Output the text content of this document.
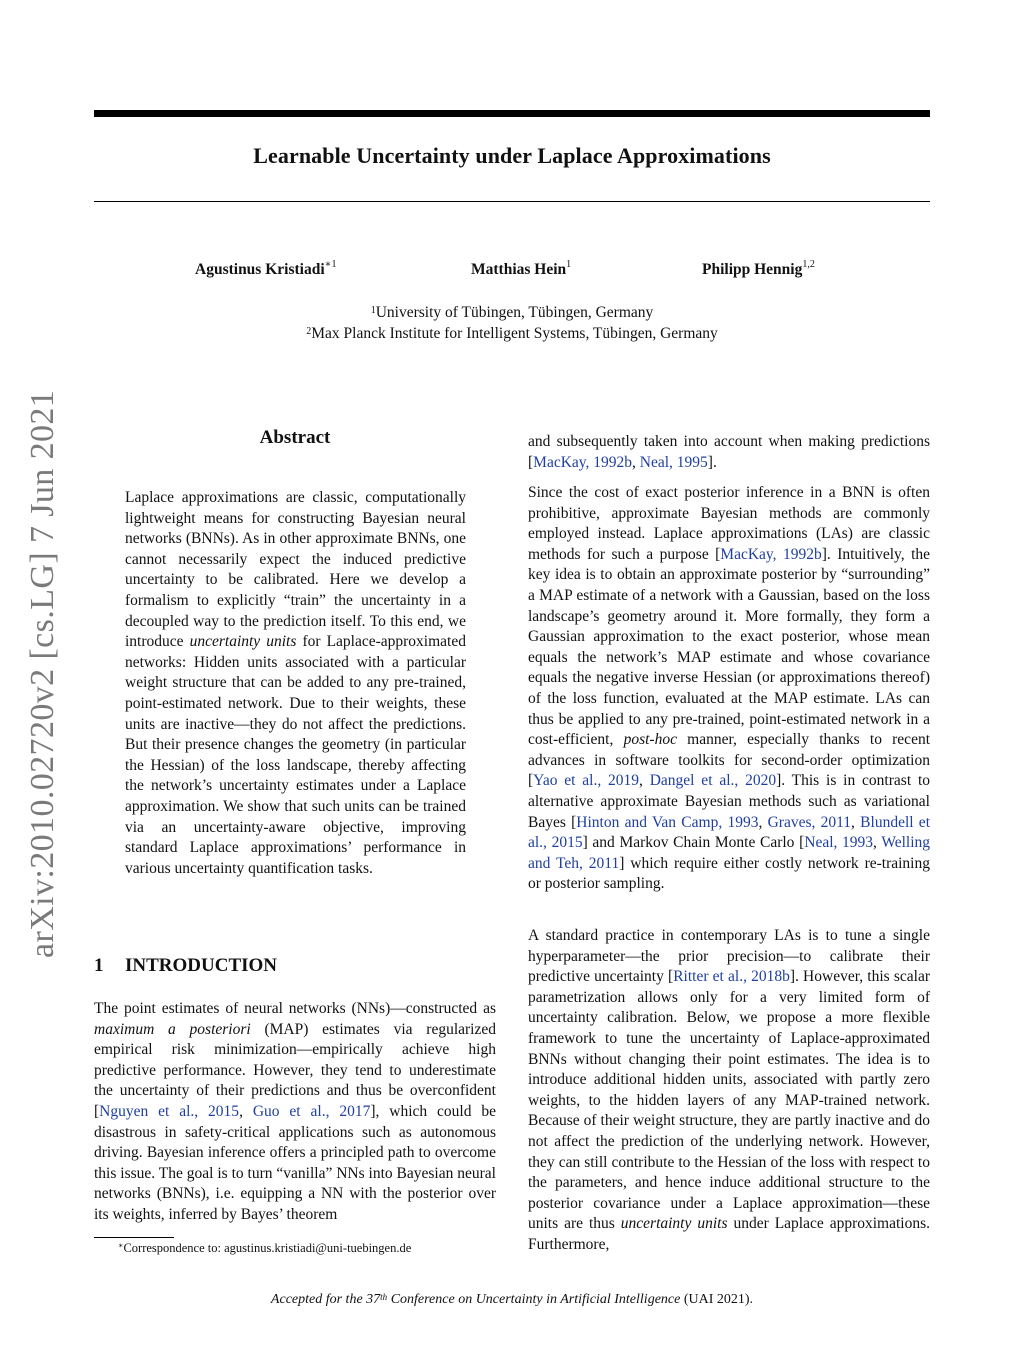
Learnable Uncertainty under Laplace Approximations
Agustinus Kristiadi$^{∗1}$	Matthias Hein$^1$	Philipp Hennig$^{1,2}$
$^1$University of Tübingen, Tübingen, Germany
$^2$Max Planck Institute for Intelligent Systems, Tübingen, Germany
arXiv:2010.02720v2 [cs.LG] 7 Jun 2021	Abstract
Laplace approximations are classic, computationally lightweight means for constructing Bayesian neural networks (BNNs). As in other approximate BNNs, one cannot necessarily expect the induced predictive uncertainty to be calibrated. Here we develop a formalism to explicitly “train” the uncertainty in a decoupled way to the prediction itself. To this end, we introduce uncertainty units for Laplace-approximated networks: Hidden units associated with a particular weight structure that can be added to any pre-trained, point-estimated network. Due to their weights, these units are inactive—they do not affect the predictions. But their presence changes the geometry (in particular the Hessian) of the loss landscape, thereby affecting the network’s uncertainty estimates under a Laplace approximation. We show that such units can be trained via an uncertainty-aware objective, improving standard Laplace approximations’ performance in various uncertainty quantification tasks.
1 INTRODUCTION
The point estimates of neural networks (NNs)—constructed as maximum a posteriori (MAP) estimates via regularized empirical risk minimization—empirically achieve high predictive performance. However, they tend to underestimate the uncertainty of their predictions and thus be overconfident [Nguyen et al., 2015, Guo et al., 2017], which could be disastrous in safety-critical applications such as autonomous driving. Bayesian inference offers a principled path to overcome this issue. The goal is to turn “vanilla” NNs into Bayesian neural networks (BNNs), i.e. equipping a NN with the posterior over its weights, inferred by Bayes’ theorem
∗Correspondence to: agustinus.kristiadi@uni-tuebingen.de
and subsequently taken into account when making predictions [MacKay, 1992b, Neal, 1995].
Since the cost of exact posterior inference in a BNN is often prohibitive, approximate Bayesian methods are commonly employed instead. Laplace approximations (LAs) are classic methods for such a purpose [MacKay, 1992b]. Intuitively, the key idea is to obtain an approximate posterior by “surrounding” a MAP estimate of a network with a Gaussian, based on the loss landscape’s geometry around it. More formally, they form a Gaussian approximation to the exact posterior, whose mean equals the network’s MAP estimate and whose covariance equals the negative inverse Hessian (or approximations thereof) of the loss function, evaluated at the MAP estimate. LAs can thus be applied to any pre-trained, point-estimated network in a cost-efficient, post-hoc manner, especially thanks to recent advances in software toolkits for second-order optimization [Yao et al., 2019, Dangel et al., 2020]. This is in contrast to alternative approximate Bayesian methods such as variational Bayes [Hinton and Van Camp, 1993, Graves, 2011, Blundell et al., 2015] and Markov Chain Monte Carlo [Neal, 1993, Welling and Teh, 2011] which require either costly network re-training or posterior sampling.
A standard practice in contemporary LAs is to tune a single hyperparameter—the prior precision—to calibrate their predictive uncertainty [Ritter et al., 2018b]. However, this scalar parametrization allows only for a very limited form of uncertainty calibration. Below, we propose a more flexible framework to tune the uncertainty of Laplace-approximated BNNs without changing their point estimates. The idea is to introduce additional hidden units, associated with partly zero weights, to the hidden layers of any MAP-trained network. Because of their weight structure, they are partly inactive and do not affect the prediction of the underlying network. However, they can still contribute to the Hessian of the loss with respect to the parameters, and hence induce additional structure to the posterior covariance under a Laplace approximation—these units are thus uncertainty units under Laplace approximations. Furthermore,
Accepted for the 37th Conference on Uncertainty in Artificial Intelligence (UAI 2021).
